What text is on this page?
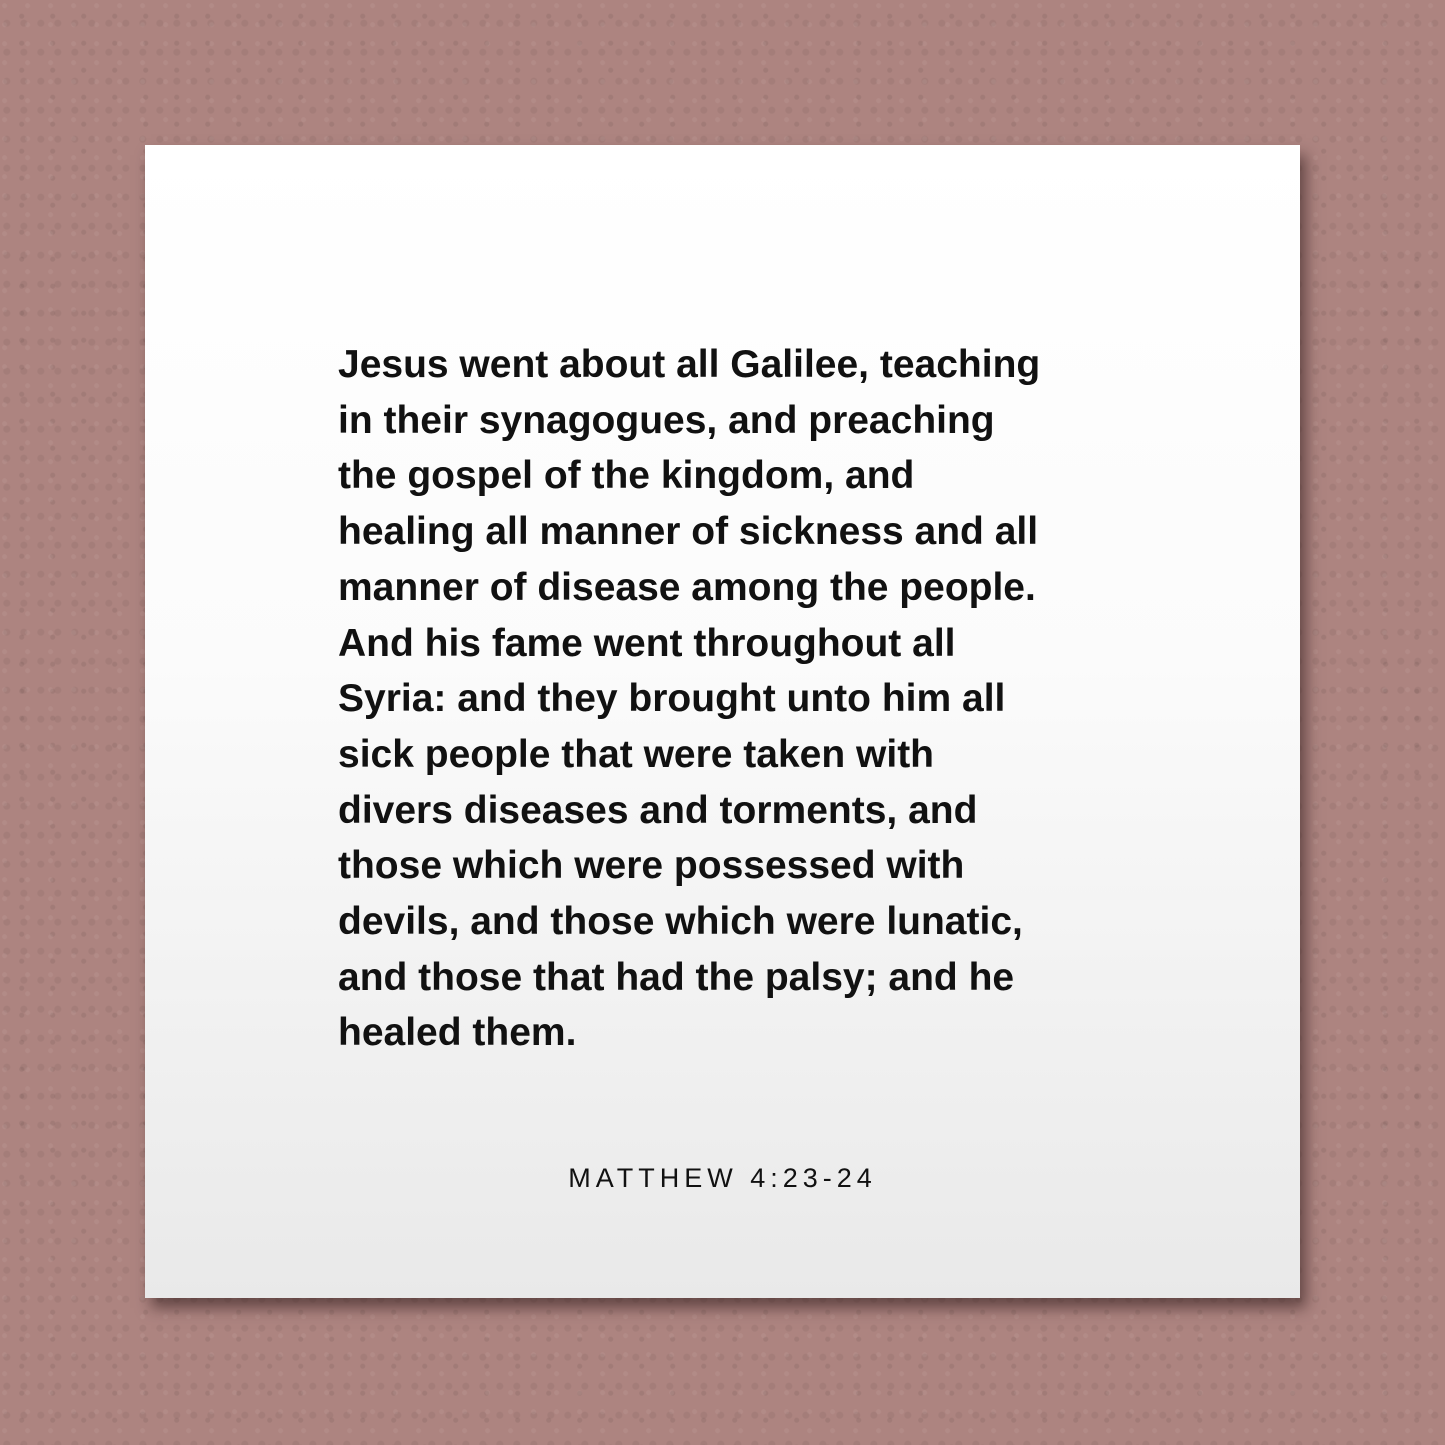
Jesus went about all Galilee, teaching
in their synagogues, and preaching
the gospel of the kingdom, and
healing all manner of sickness and all
manner of disease among the people.
And his fame went throughout all
Syria: and they brought unto him all
sick people that were taken with
divers diseases and torments, and
those which were possessed with
devils, and those which were lunatic,
and those that had the palsy; and he
healed them.
MATTHEW 4:23-24
